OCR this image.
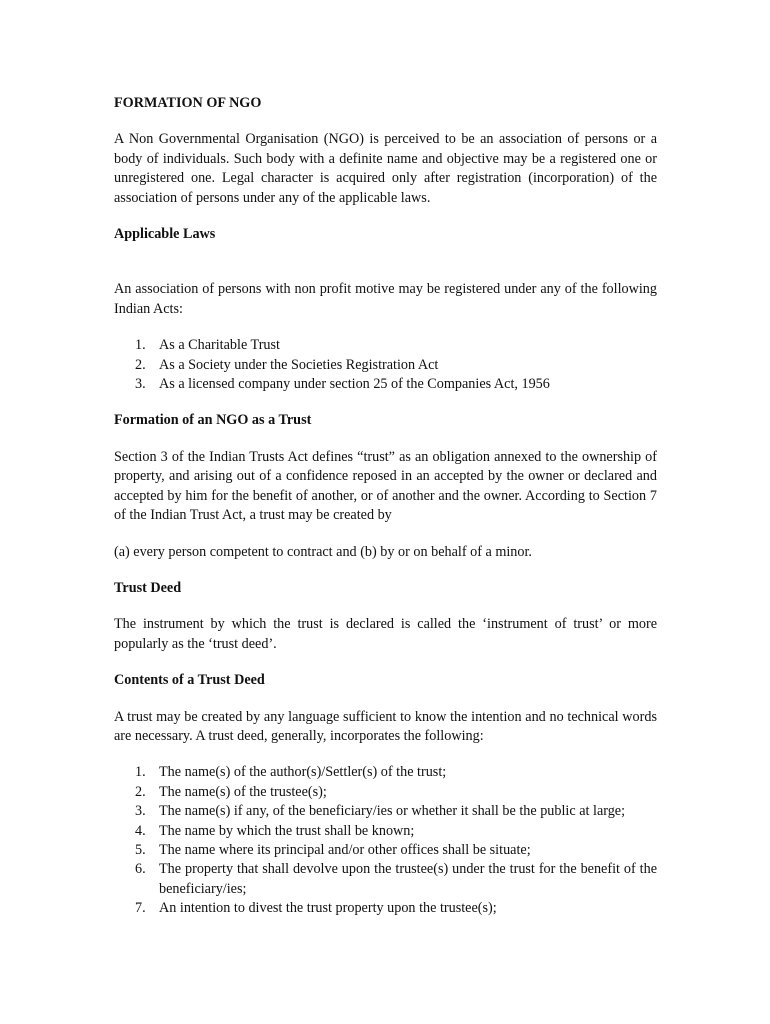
FORMATION OF NGO

A Non Governmental Organisation (NGO) is perceived to be an association of persons or a body of individuals. Such body with a definite name and objective may be a registered one or unregistered one. Legal character is acquired only after registration (incorporation) of the association of persons under any of the applicable laws.

Applicable Laws

An association of persons with non profit motive may be registered under any of the following Indian Acts:

1. As a Charitable Trust
2. As a Society under the Societies Registration Act
3. As a licensed company under section 25 of the Companies Act, 1956
Formation of an NGO as a Trust

Section 3 of the Indian Trusts Act defines “trust” as an obligation annexed to the ownership of property, and arising out of a confidence reposed in an accepted by the owner or declared and accepted by him for the benefit of another, or of another and the owner. According to Section 7 of the Indian Trust Act, a trust may be created by

(a) every person competent to contract and (b) by or on behalf of a minor.

Trust Deed

The instrument by which the trust is declared is called the ‘instrument of trust’ or more popularly as the ‘trust deed’.

Contents of a Trust Deed

A trust may be created by any language sufficient to know the intention and no technical words are necessary. A trust deed, generally, incorporates the following:

1. The name(s) of the author(s)/Settler(s) of the trust;
2. The name(s) of the trustee(s);
3. The name(s) if any, of the beneficiary/ies or whether it shall be the public at large;
4. The name by which the trust shall be known;
5. The name where its principal and/or other offices shall be situate;
6. The property that shall devolve upon the trustee(s) under the trust for the benefit of the beneficiary/ies;
7. An intention to divest the trust property upon the trustee(s);
